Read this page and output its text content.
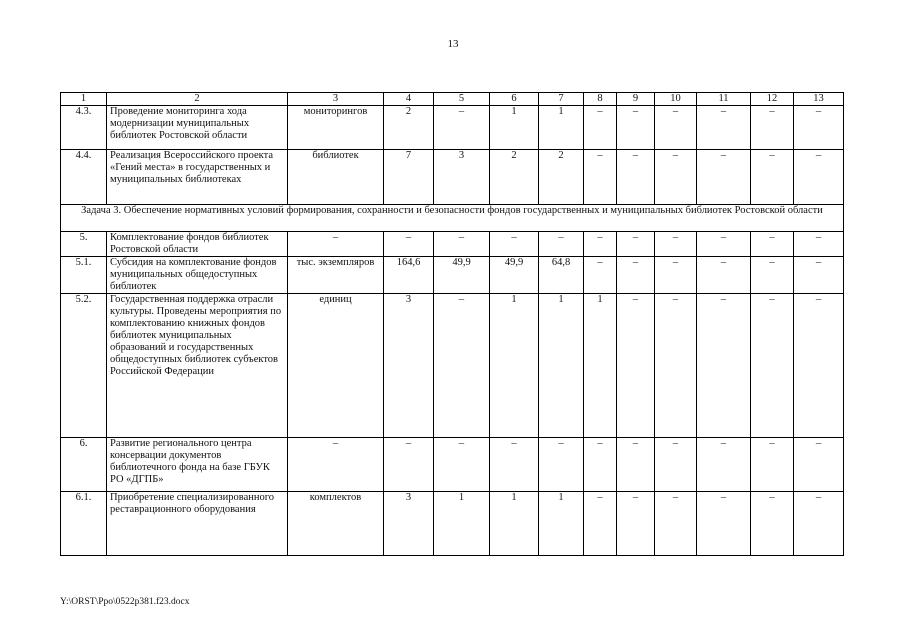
13
1	2	3	4	5	6	7	8	9	10	11	12	13
4.3.	Проведение мониторинга хода модернизации муниципальных библиотек Ростовской области	мониторингов	2	–	1	1	–	–	–	–	–	–
4.4.	Реализация Всероссийского проекта «Гений места» в государственных и муниципальных библиотеках	библиотек	7	3	2	2	–	–	–	–	–	–
Задача 3. Обеспечение нормативных условий формирования, сохранности и безопасности фондов государственных и муниципальных библиотек Ростовской области												
5.	Комплектование фондов библиотек Ростовской области	–	–	–	–	–	–	–	–	–	–	–
5.1.	Субсидия на комплектование фондов муниципальных общедоступных библиотек	тыс. экземпляров	164,6	49,9	49,9	64,8	–	–	–	–	–	–
5.2.	Государственная поддержка отрасли культуры. Проведены мероприятия по комплектованию книжных фондов библиотек муниципальных образований и государственных общедоступных библиотек субъектов Российской Федерации	единиц	3	–	1	1	1	–	–	–	–	–
6.	Развитие регионального центра консервации документов библиотечного фонда на базе ГБУК РО «ДГПБ»	–	–	–	–	–	–	–	–	–	–	–
6.1.	Приобретение специализированного реставрационного оборудования	комплектов	3	1	1	1	–	–	–	–	–	–
Y:\ORST\Ppo\0522p381.f23.docx
